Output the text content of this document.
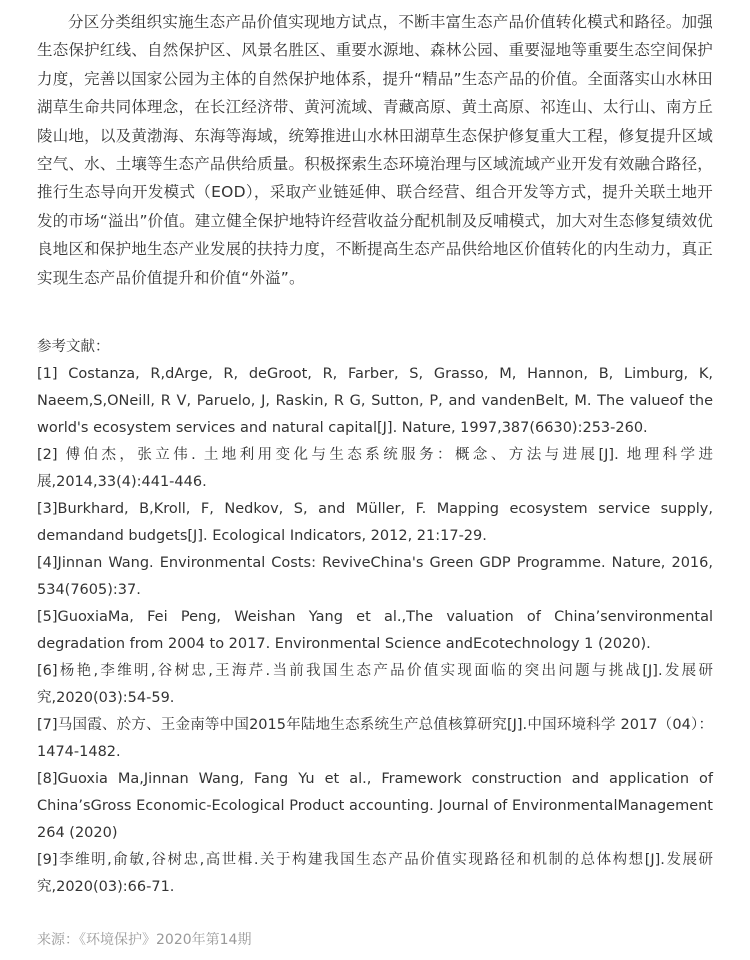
分区分类组织实施生态产品价值实现地方试点，不断丰富生态产品价值转化模式和路径。加强生态保护红线、自然保护区、风景名胜区、重要水源地、森林公园、重要湿地等重要生态空间保护力度，完善以国家公园为主体的自然保护地体系，提升“精品”生态产品的价值。全面落实山水林田湖草生命共同体理念，在长江经济带、黄河流域、青藏高原、黄土高原、祁连山、太行山、南方丘陵山地，以及黄渤海、东海等海域，统筹推进山水林田湖草生态保护修复重大工程，修复提升区域空气、水、土壤等生态产品供给质量。积极探索生态环境治理与区域流域产业开发有效融合路径，推行生态导向开发模式（EOD），采取产业链延伸、联合经营、组合开发等方式，提升关联土地开发的市场“溢出”价值。建立健全保护地特许经营收益分配机制及反哺模式，加大对生态修复绩效优良地区和保护地生态产业发展的扶持力度，不断提高生态产品供给地区价值转化的内生动力，真正实现生态产品价值提升和价值“外溢”。

参考文献：

[1] Costanza, R,dArge, R, deGroot, R, Farber, S, Grasso, M, Hannon, B, Limburg, K, Naeem,S,ONeill, R V, Paruelo, J, Raskin, R G, Sutton, P, and vandenBelt, M. The valueof the world's ecosystem services and natural capital[J]. Nature, 1997,387(6630):253-260.
[2] 傅伯杰，张立伟. 土地利用变化与生态系统服务：概念、方法与进展[J]. 地理科学进展,2014,33(4):441-446.
[3]Burkhard, B,Kroll, F, Nedkov, S, and Müller, F. Mapping ecosystem service supply, demandand budgets[J]. Ecological Indicators, 2012, 21:17-29.
[4]Jinnan Wang. Environmental Costs: ReviveChina's Green GDP Programme. Nature, 2016, 534(7605):37.
[5]GuoxiaMa, Fei Peng, Weishan Yang et al.,The valuation of China’senvironmental degradation from 2004 to 2017. Environmental Science andEcotechnology 1 (2020).
[6]杨艳,李维明,谷树忠,王海芹.当前我国生态产品价值实现面临的突出问题与挑战[J].发展研究,2020(03):54-59.
[7]马国霞、於方、王金南等中国2015年陆地生态系统生产总值核算研究[J].中国环境科学 2017（04）：1474-1482.
[8]Guoxia Ma,Jinnan Wang, Fang Yu et al., Framework construction and application of China’sGross Economic-Ecological Product accounting. Journal of EnvironmentalManagement 264 (2020)
[9]李维明,俞敏,谷树忠,高世楫.关于构建我国生态产品价值实现路径和机制的总体构想[J].发展研究,2020(03):66-71.
来源：《环境保护》2020年第14期
